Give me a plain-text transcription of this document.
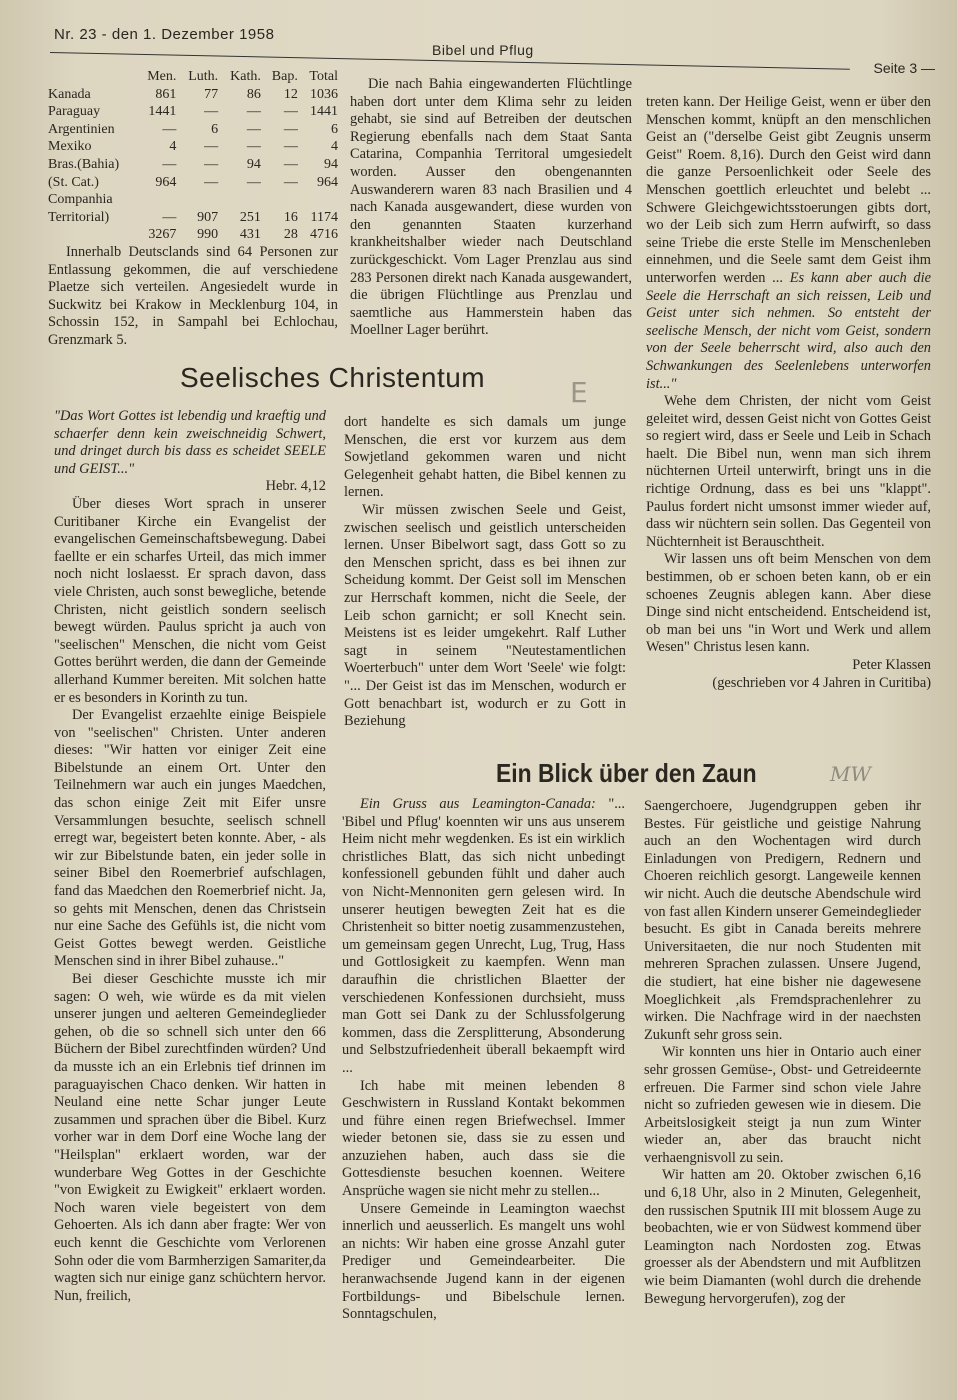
Nr. 23 - den 1. Dezember 1958
Bibel und Pflug
Seite 3 —
	Men.	Luth.	Kath.	Bap.	Total
Kanada	861	77	86	12	1036
Paraguay	1441	—	—	—	1441
Argentinien	—	6	—	—	6
Mexiko	4	—	—	—	4
Bras.(Bahia)	—	—	94	—	94
(St. Cat.)	964	—	—	—	964
Companhia					
Territorial)	—	907	251	16	1174
	3267	990	431	28	4716

Innerhalb Deutsclands sind 64 Personen zur Entlassung gekommen, die auf verschiedene Plaetze sich verteilen. Angesiedelt wurde in Suckwitz bei Krakow in Mecklenburg 104, in Schossin 152, in Sampahl bei Echlochau, Grenzmark 5.

Die nach Bahia eingewanderten Flüchtlinge haben dort unter dem Klima sehr zu leiden gehabt, sie sind auf Betreiben der deutschen Regierung ebenfalls nach dem Staat Santa Catarina, Companhia Territoral umgesiedelt worden. Ausser den obengenannten Auswanderern waren 83 nach Brasilien und 4 nach Kanada ausgewandert, diese wurden von den genannten Staaten kurzerhand krankheitshalber wieder nach Deutschland zurückgeschickt. Vom Lager Prenzlau aus sind 283 Personen direkt nach Kanada ausgewandert, die übrigen Flüchtlinge aus Prenzlau und saemtliche aus Hammerstein haben das Moellner Lager berührt.

treten kann. Der Heilige Geist, wenn er über den Menschen kommt, knüpft an den menschlichen Geist an ("derselbe Geist gibt Zeugnis unserm Geist" Roem. 8,16). Durch den Geist wird dann die ganze Persoenlichkeit oder Seele des Menschen goettlich erleuchtet und belebt ... Schwere Gleichgewichtsstoerungen gibts dort, wo der Leib sich zum Herrn aufwirft, so dass seine Triebe die erste Stelle im Menschenleben einnehmen, und die Seele samt dem Geist ihm unterworfen werden ... Es kann aber auch die Seele die Herrschaft an sich reissen, Leib und Geist unter sich nehmen. So entsteht der seelische Mensch, der nicht vom Geist, sondern von der Seele beherrscht wird, also auch den Schwankungen des Seelenlebens unterworfen ist..."

Wehe dem Christen, der nicht vom Geist geleitet wird, dessen Geist nicht von Gottes Geist so regiert wird, dass er Seele und Leib in Schach haelt. Die Bibel nun, wenn man sich ihrem nüchternen Urteil unterwirft, bringt uns in die richtige Ordnung, dass es bei uns "klappt". Paulus fordert nicht umsonst immer wieder auf, dass wir nüchtern sein sollen. Das Gegenteil von Nüchternheit ist Berauschtheit.

Wir lassen uns oft beim Menschen von dem bestimmen, ob er schoen beten kann, ob er ein schoenes Zeugnis ablegen kann. Aber diese Dinge sind nicht entscheidend. Entscheidend ist, ob man bei uns "in Wort und Werk und allem Wesen" Christus lesen kann.

Peter Klassen

(geschrieben vor 4 Jahren in Curitiba)

Seelisches Christentum	E

"Das Wort Gottes ist lebendig und kraeftig und schaerfer denn kein zweischneidig Schwert, und dringet durch bis dass es scheidet SEELE und GEIST..."

Hebr. 4,12

Über dieses Wort sprach in unserer Curitibaner Kirche ein Evangelist der evangelischen Gemeinschaftsbewegung. Dabei faellte er ein scharfes Urteil, das mich immer noch nicht loslaesst. Er sprach davon, dass viele Christen, auch sonst bewegliche, betende Christen, nicht geistlich sondern seelisch bewegt würden. Paulus spricht ja auch von "seelischen" Menschen, die nicht vom Geist Gottes berührt werden, die dann der Gemeinde allerhand Kummer bereiten. Mit solchen hatte er es besonders in Korinth zu tun.

Der Evangelist erzaehlte einige Beispiele von "seelischen" Christen. Unter anderen dieses: "Wir hatten vor einiger Zeit eine Bibelstunde an einem Ort. Unter den Teilnehmern war auch ein junges Maedchen, das schon einige Zeit mit Eifer unsre Versammlungen besuchte, seelisch schnell erregt war, begeistert beten konnte. Aber, - als wir zur Bibelstunde baten, ein jeder solle in seiner Bibel den Roemerbrief aufschlagen, fand das Maedchen den Roemerbrief nicht. Ja, so gehts mit Menschen, denen das Christsein nur eine Sache des Gefühls ist, die nicht vom Geist Gottes bewegt werden. Geistliche Menschen sind in ihrer Bibel zuhause.."

Bei dieser Geschichte musste ich mir sagen: O weh, wie würde es da mit vielen unserer jungen und aelteren Gemeindeglieder gehen, ob die so schnell sich unter den 66 Büchern der Bibel zurechtfinden würden? Und da musste ich an ein Erlebnis tief drinnen im paraguayischen Chaco denken. Wir hatten in Neuland eine nette Schar junger Leute zusammen und sprachen über die Bibel. Kurz vorher war in dem Dorf eine Woche lang der "Heilsplan" erklaert worden, war der wunderbare Weg Gottes in der Geschichte "von Ewigkeit zu Ewigkeit" erklaert worden. Noch waren viele begeistert von dem Gehoerten. Als ich dann aber fragte: Wer von euch kennt die Geschichte vom Verlorenen Sohn oder die vom Barmherzigen Samariter,da wagten sich nur einige ganz schüchtern hervor. Nun, freilich,

dort handelte es sich damals um junge Menschen, die erst vor kurzem aus dem Sowjetland gekommen waren und nicht Gelegenheit gehabt hatten, die Bibel kennen zu lernen.

Wir müssen zwischen Seele und Geist, zwischen seelisch und geistlich unterscheiden lernen. Unser Bibelwort sagt, dass Gott so zu den Menschen spricht, dass es bei ihnen zur Scheidung kommt. Der Geist soll im Menschen zur Herrschaft kommen, nicht die Seele, der Leib schon garnicht; er soll Knecht sein. Meistens ist es leider umgekehrt. Ralf Luther sagt in seinem "Neutestamentlichen Woerterbuch" unter dem Wort 'Seele' wie folgt: "... Der Geist ist das im Menschen, wodurch er Gott benachbart ist, wodurch er zu Gott in Beziehung

Ein Blick über den Zaun	MW

Ein Gruss aus Leamington-Canada: "... 'Bibel und Pflug' koennten wir uns aus unserem Heim nicht mehr wegdenken. Es ist ein wirklich christliches Blatt, das sich nicht unbedingt konfessionell gebunden fühlt und daher auch von Nicht-Mennoniten gern gelesen wird. In unserer heutigen bewegten Zeit hat es die Christenheit so bitter noetig zusammenzustehen, um gemeinsam gegen Unrecht, Lug, Trug, Hass und Gottlosigkeit zu kaempfen. Wenn man daraufhin die christlichen Blaetter der verschiedenen Konfessionen durchsieht, muss man Gott sei Dank zu der Schlussfolgerung kommen, dass die Zersplitterung, Absonderung und Selbstzufriedenheit überall bekaempft wird ...

Ich habe mit meinen lebenden 8 Geschwistern in Russland Kontakt bekommen und führe einen regen Briefwechsel. Immer wieder betonen sie, dass sie zu essen und anzuziehen haben, auch dass sie die Gottesdienste besuchen koennen. Weitere Ansprüche wagen sie nicht mehr zu stellen...

Unsere Gemeinde in Leamington waechst innerlich und aeusserlich. Es mangelt uns wohl an nichts: Wir haben eine grosse Anzahl guter Prediger und Gemeindearbeiter. Die heranwachsende Jugend kann in der eigenen Fortbildungs- und Bibelschule lernen. Sonntagschulen,

Saengerchoere, Jugendgruppen geben ihr Bestes. Für geistliche und geistige Nahrung auch an den Wochentagen wird durch Einladungen von Predigern, Rednern und Choeren reichlich gesorgt. Langeweile kennen wir nicht. Auch die deutsche Abendschule wird von fast allen Kindern unserer Gemeindeglieder besucht. Es gibt in Canada bereits mehrere Universitaeten, die nur noch Studenten mit mehreren Sprachen zulassen. Unsere Jugend, die studiert, hat eine bisher nie dagewesene Moeglichkeit ,als Fremdsprachenlehrer zu wirken. Die Nachfrage wird in der naechsten Zukunft sehr gross sein.

Wir konnten uns hier in Ontario auch einer sehr grossen Gemüse-, Obst- und Getreideernte erfreuen. Die Farmer sind schon viele Jahre nicht so zufrieden gewesen wie in diesem. Die Arbeitslosigkeit steigt ja nun zum Winter wieder an, aber das braucht nicht verhaengnisvoll zu sein.

Wir hatten am 20. Oktober zwischen 6,16 und 6,18 Uhr, also in 2 Minuten, Gelegenheit, den russischen Sputnik III mit blossem Auge zu beobachten, wie er von Südwest kommend über Leamington nach Nordosten zog. Etwas groesser als der Abendstern und mit Aufblitzen wie beim Diamanten (wohl durch die drehende Bewegung hervorgerufen), zog der
